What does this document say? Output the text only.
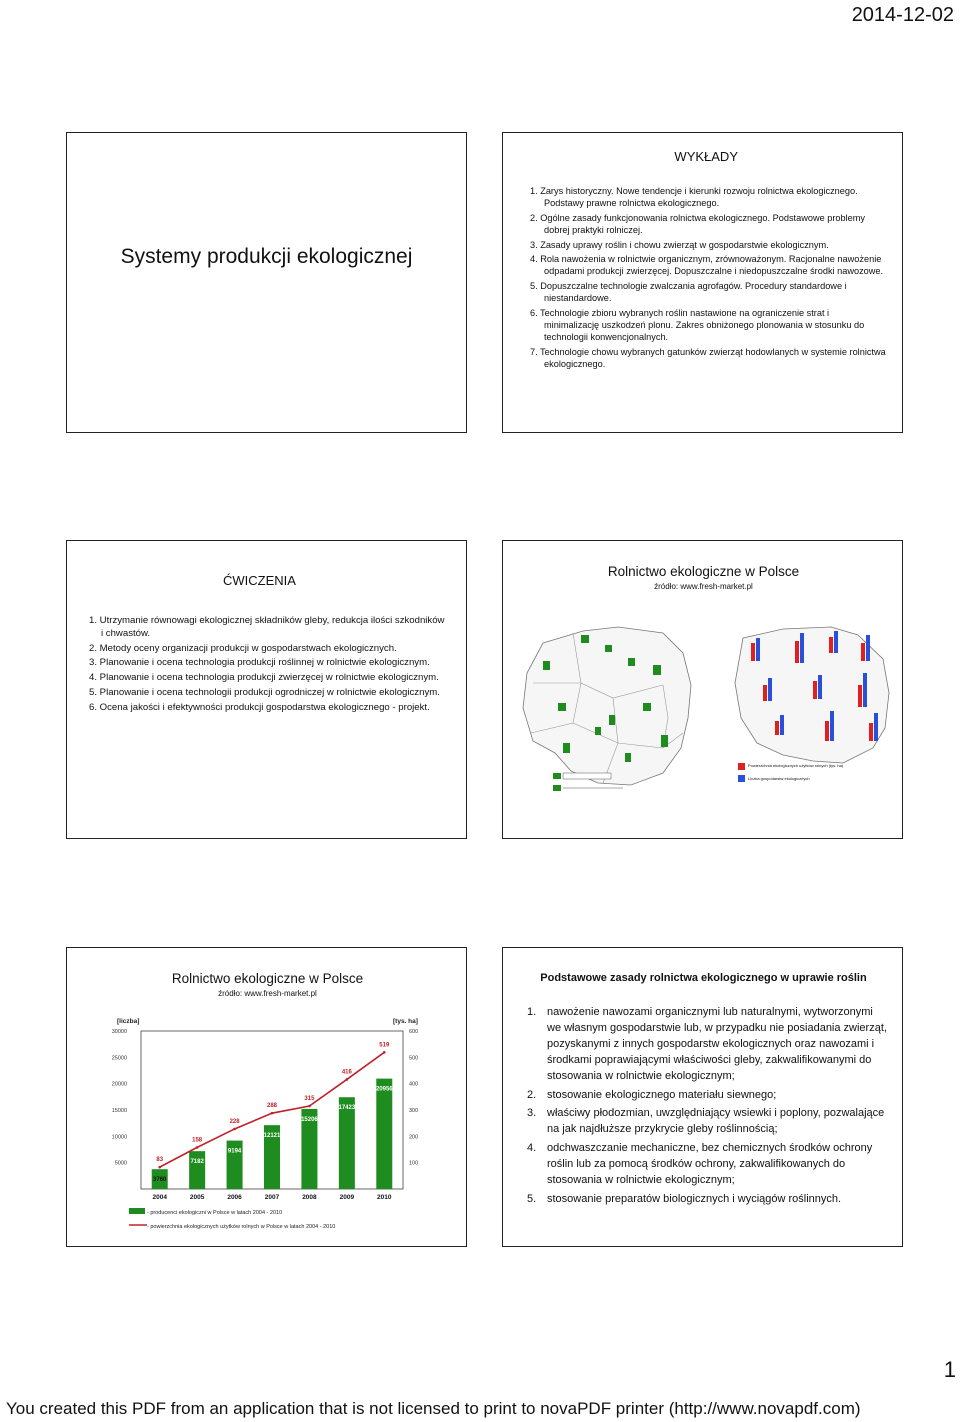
2014-12-02
Systemy produkcji ekologicznej
WYKŁADY
1. Zarys historyczny. Nowe tendencje i kierunki rozwoju rolnictwa ekologicznego. Podstawy prawne rolnictwa ekologicznego.
2. Ogólne zasady funkcjonowania rolnictwa ekologicznego. Podstawowe problemy dobrej praktyki rolniczej.
3. Zasady uprawy roślin i chowu zwierząt w gospodarstwie ekologicznym.
4. Rola nawożenia w rolnictwie organicznym, zrównoważonym. Racjonalne nawożenie odpadami produkcji zwierzęcej. Dopuszczalne i niedopuszczalne środki nawozowe.
5. Dopuszczalne technologie zwalczania agrofagów. Procedury standardowe i niestandardowe.
6. Technologie zbioru wybranych roślin nastawione na ograniczenie strat i minimalizację uszkodzeń plonu. Zakres obniżonego plonowania w stosunku do technologii konwencjonalnych.
7. Technologie chowu wybranych gatunków zwierząt hodowlanych w systemie rolnictwa ekologicznego.
ĆWICZENIA
1. Utrzymanie równowagi ekologicznej składników gleby, redukcja ilości szkodników i chwastów.
2. Metody oceny organizacji produkcji w gospodarstwach ekologicznych.
3. Planowanie i ocena technologia produkcji roślinnej w rolnictwie ekologicznym.
4. Planowanie i ocena technologia produkcji zwierzęcej w rolnictwie ekologicznym.
5. Planowanie i ocena technologii produkcji ogrodniczej w rolnictwie ekologicznym.
6. Ocena jakości i efektywności produkcji gospodarstwa ekologicznego - projekt.
Rolnictwo ekologiczne w Polsce
źródło: www.fresh-market.pl
Powierzchnia ekologicznych użytków rolnych (tys. ha)
Liczba gospodarstw ekologicznych
Rolnictwo ekologiczne w Polsce
źródło: www.fresh-market.pl
5000
10000
15000
20000
25000
30000
100
200
300
400
500
600
[liczba]	[tys. ha]
2004	2005	2006	2007	2008	2009	2010
3760
7182
9194
12121
15206
17423
20956
83
158
228
288
315
416
519
- producenci ekologiczni w Polsce w latach 2004 - 2010
- powierzchnia ekologicznych użytków rolnych w Polsce w latach 2004 - 2010
Podstawowe zasady rolnictwa ekologicznego w uprawie roślin
1. nawożenie nawozami organicznymi lub naturalnymi, wytworzonymi we własnym gospodarstwie lub, w przypadku nie posiadania zwierząt, pozyskanymi z innych gospodarstw ekologicznych oraz nawozami i środkami poprawiającymi właściwości gleby, zakwalifikowanymi do stosowania w rolnictwie ekologicznym;
2. stosowanie ekologicznego materiału siewnego;
3. właściwy płodozmian, uwzględniający wsiewki i poplony, pozwalające na jak najdłuższe przykrycie gleby roślinnością;
4. odchwaszczanie mechaniczne, bez chemicznych środków ochrony roślin lub za pomocą środków ochrony, zakwalifikowanych do stosowania w rolnictwie ekologicznym;
5. stosowanie preparatów biologicznych i wyciągów roślinnych.
1
You created this PDF from an application that is not licensed to print to novaPDF printer (http://www.novapdf.com)
